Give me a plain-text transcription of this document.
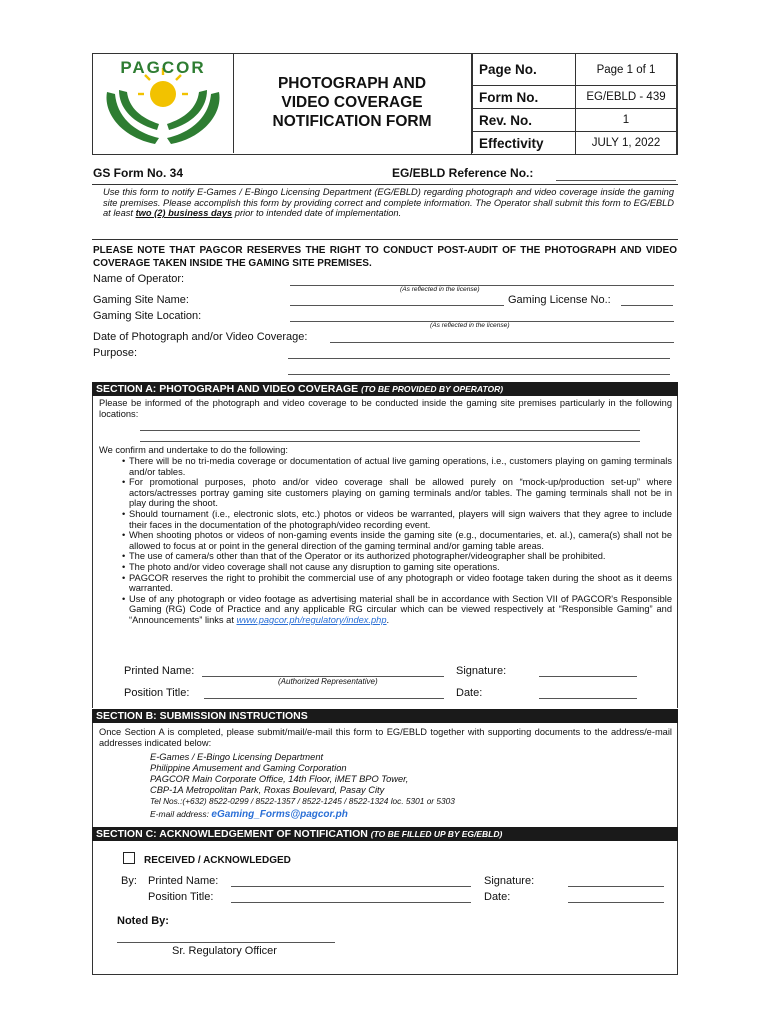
PAGCOR
PHOTOGRAPH AND
VIDEO COVERAGE
NOTIFICATION FORM
Page No.	Page 1 of 1
Form No.	EG/EBLD - 439
Rev. No.	1
Effectivity	JULY 1, 2022
GS Form No. 34	EG/EBLD Reference No.:
Use this form to notify E-Games / E-Bingo Licensing Department (EG/EBLD) regarding photograph and video coverage inside the gaming site premises. Please accomplish this form by providing correct and complete information. The Operator shall submit this form to EG/EBLD at least two (2) business days prior to intended date of implementation.
PLEASE NOTE THAT PAGCOR RESERVES THE RIGHT TO CONDUCT POST-AUDIT OF THE PHOTOGRAPH AND VIDEO COVERAGE TAKEN INSIDE THE GAMING SITE PREMISES.
Name of Operator:
(As reflected in the license)
Gaming Site Name:	Gaming License No.:
Gaming Site Location:
(As reflected in the license)
Date of Photograph and/or Video Coverage:
Purpose:
SECTION A: PHOTOGRAPH AND VIDEO COVERAGE (TO BE PROVIDED BY OPERATOR)
Please be informed of the photograph and video coverage to be conducted inside the gaming site premises particularly in the following locations:
We confirm and undertake to do the following:
• There will be no tri-media coverage or documentation of actual live gaming operations, i.e., customers playing on gaming terminals and/or tables.
• For promotional purposes, photo and/or video coverage shall be allowed purely on “mock-up/production set-up” where actors/actresses portray gaming site customers playing on gaming terminals and/or tables. The gaming terminals shall not be in play during the shoot.
• Should tournament (i.e., electronic slots, etc.) photos or videos be warranted, players will sign waivers that they agree to include their faces in the documentation of the photograph/video recording event.
• When shooting photos or videos of non-gaming events inside the gaming site (e.g., documentaries, et. al.), camera(s) shall not be allowed to focus at or point in the general direction of the gaming terminal and/or gaming table areas.
• The use of camera/s other than that of the Operator or its authorized photographer/videographer shall be prohibited.
• The photo and/or video coverage shall not cause any disruption to gaming site operations.
• PAGCOR reserves the right to prohibit the commercial use of any photograph or video footage taken during the shoot as it deems warranted.
• Use of any photograph or video footage as advertising material shall be in accordance with Section VII of PAGCOR's Responsible Gaming (RG) Code of Practice and any applicable RG circular which can be viewed respectively at “Responsible Gaming” and “Announcements” links at www.pagcor.ph/regulatory/index.php.
Printed Name:
(Authorized Representative)
Signature:
Position Title:	Date:
SECTION B: SUBMISSION INSTRUCTIONS
Once Section A is completed, please submit/mail/e-mail this form to EG/EBLD together with supporting documents to the address/e-mail addresses indicated below:
E-Games / E-Bingo Licensing Department
Philippine Amusement and Gaming Corporation
PAGCOR Main Corporate Office, 14th Floor, iMET BPO Tower,
CBP-1A Metropolitan Park, Roxas Boulevard, Pasay City
Tel Nos.:(+632) 8522-0299 / 8522-1357 / 8522-1245 / 8522-1324 loc. 5301 or 5303
E-mail address: eGaming_Forms@pagcor.ph
SECTION C: ACKNOWLEDGEMENT OF NOTIFICATION (TO BE FILLED UP BY EG/EBLD)
RECEIVED / ACKNOWLEDGED
By: Printed Name:	Signature:
Position Title:	Date:
Noted By:
Sr. Regulatory Officer
